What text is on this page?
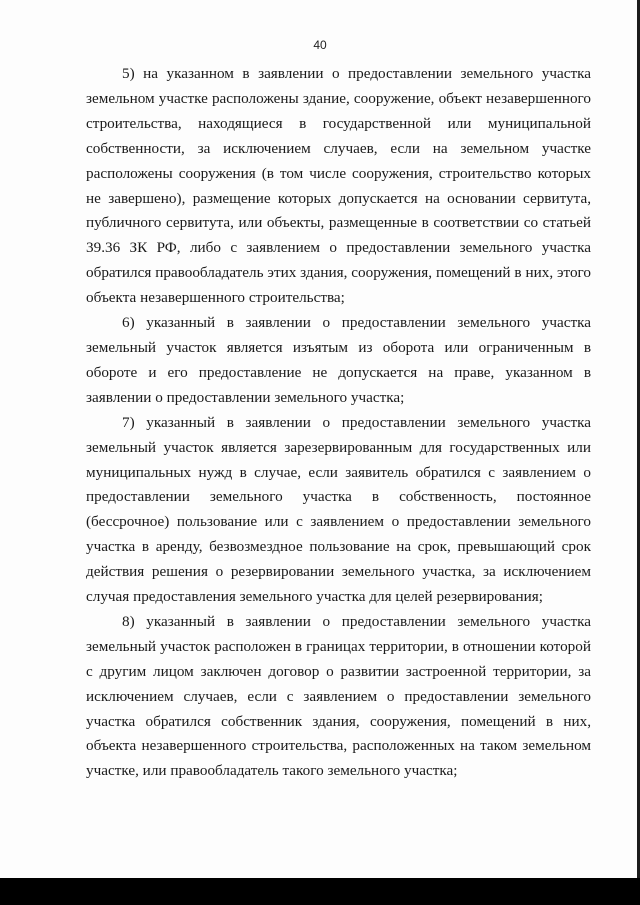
40

5) на указанном в заявлении о предоставлении земельного участка земельном участке расположены здание, сооружение, объект незавершенного строительства, находящиеся в государственной или муниципальной собственности, за исключением случаев, если на земельном участке расположены сооружения (в том числе сооружения, строительство которых не завершено), размещение которых допускается на основании сервитута, публичного сервитута, или объекты, размещенные в соответствии со статьей 39.36 ЗК РФ, либо с заявлением о предоставлении земельного участка обратился правообладатель этих здания, сооружения, помещений в них, этого объекта незавершенного строительства;

6) указанный в заявлении о предоставлении земельного участка земельный участок является изъятым из оборота или ограниченным в обороте и его предоставление не допускается на праве, указанном в заявлении о предоставлении земельного участка;

7) указанный в заявлении о предоставлении земельного участка земельный участок является зарезервированным для государственных или муниципальных нужд в случае, если заявитель обратился с заявлением о предоставлении земельного участка в собственность, постоянное (бессрочное) пользование или с заявлением о предоставлении земельного участка в аренду, безвозмездное пользование на срок, превышающий срок действия решения о резервировании земельного участка, за исключением случая предоставления земельного участка для целей резервирования;

8) указанный в заявлении о предоставлении земельного участка земельный участок расположен в границах территории, в отношении которой с другим лицом заключен договор о развитии застроенной территории, за исключением случаев, если с заявлением о предоставлении земельного участка обратился собственник здания, сооружения, помещений в них, объекта незавершенного строительства, расположенных на таком земельном участке, или правообладатель такого земельного участка;
